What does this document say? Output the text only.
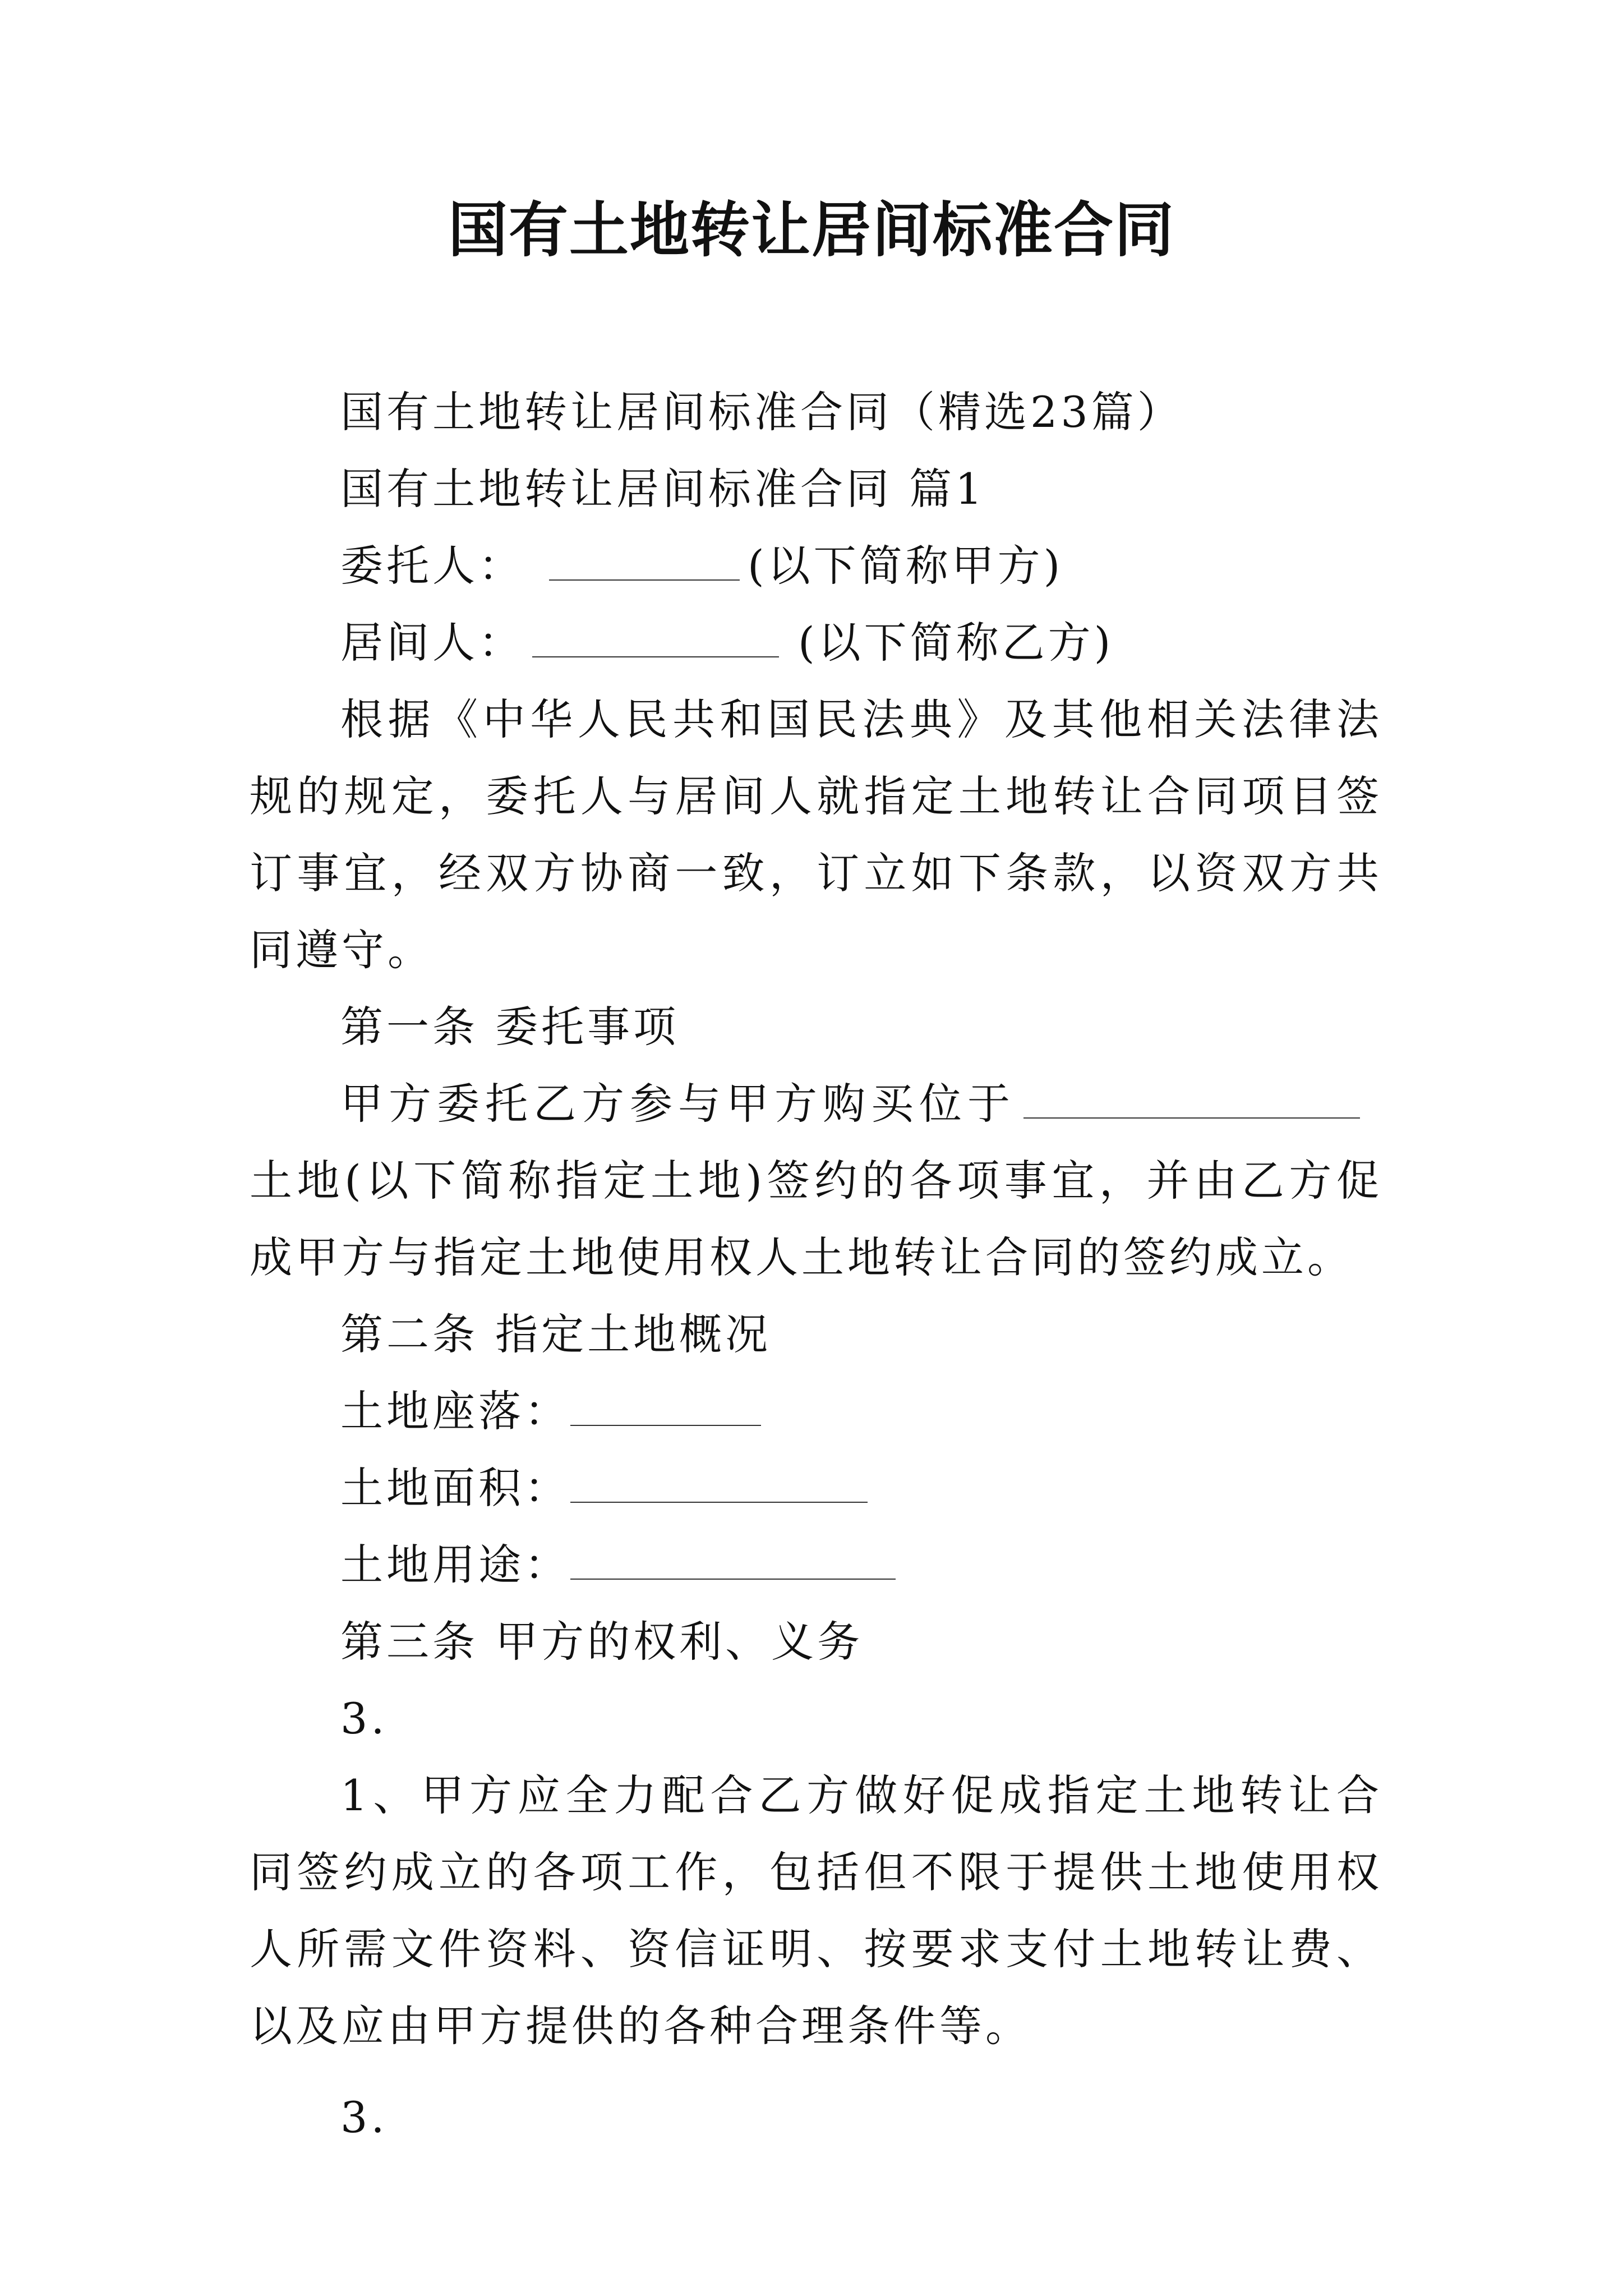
国有土地转让居间标准合同

国有土地转让居间标准合同（精选23篇）

国有土地转让居间标准合同 篇1

委托人：	(以下简称甲方)

居间人：	(以下简称乙方)

根据《中华人民共和国民法典》及其他相关法律法规的规定，委托人与居间人就指定土地转让合同项目签订事宜，经双方协商一致，订立如下条款，以资双方共同遵守。

第一条 委托事项

甲方委托乙方参与甲方购买位于土地(以下简称指定土地)签约的各项事宜，并由乙方促成甲方与指定土地使用权人土地转让合同的签约成立。

第二条 指定土地概况

土地座落：

土地面积：

土地用途：

第三条 甲方的权利、义务

3.

1、甲方应全力配合乙方做好促成指定土地转让合同签约成立的各项工作，包括但不限于提供土地使用权人所需文件资料、资信证明、按要求支付土地转让费、以及应由甲方提供的各种合理条件等。

3.
